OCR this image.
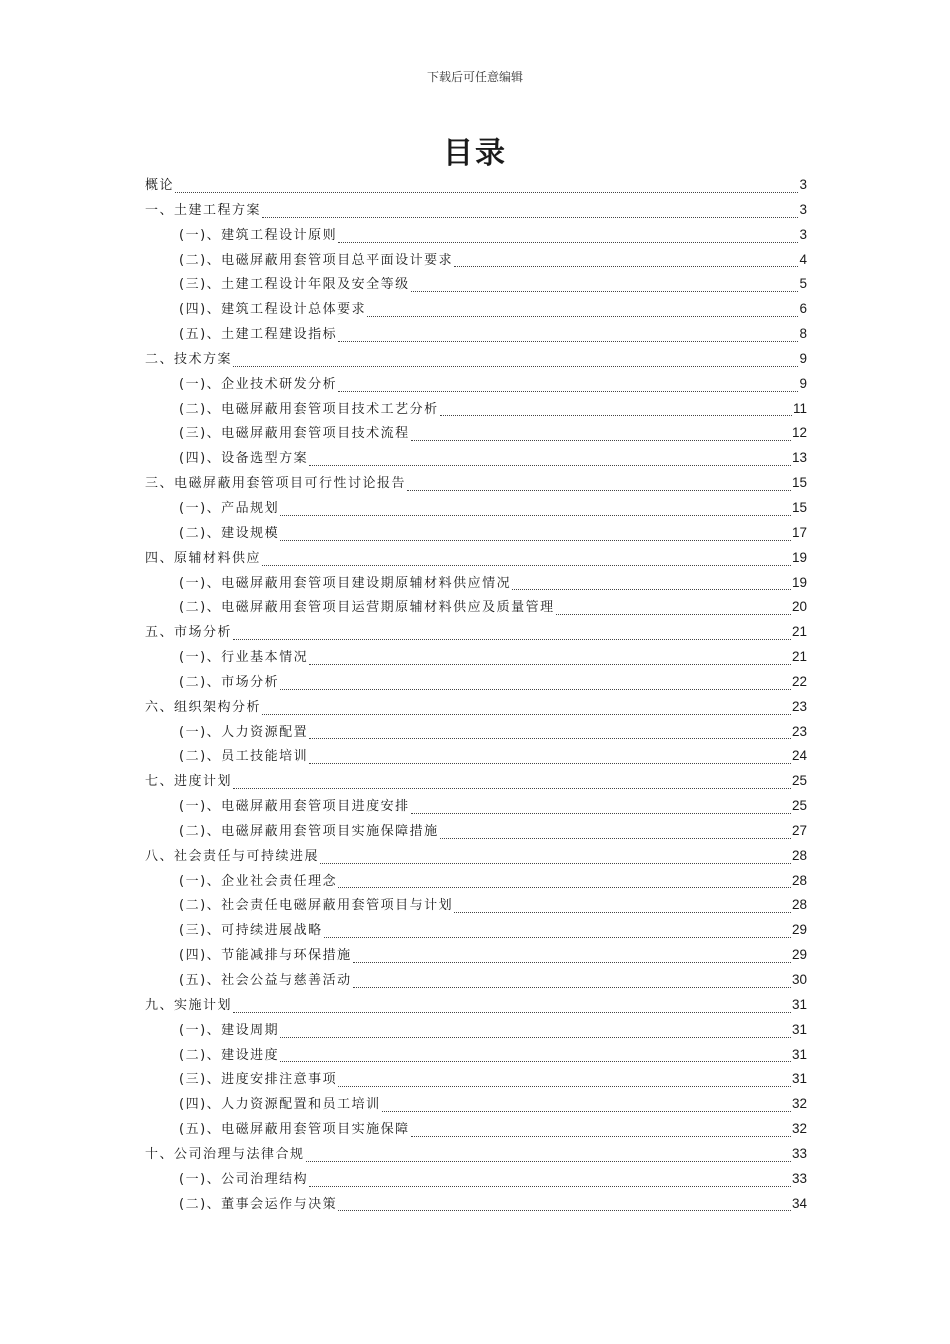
下载后可任意编辑
目录
概论	3
一、土建工程方案	3
(一)、建筑工程设计原则	3
(二)、电磁屏蔽用套管项目总平面设计要求	4
(三)、土建工程设计年限及安全等级	5
(四)、建筑工程设计总体要求	6
(五)、土建工程建设指标	8
二、技术方案	9
(一)、企业技术研发分析	9
(二)、电磁屏蔽用套管项目技术工艺分析	11
(三)、电磁屏蔽用套管项目技术流程	12
(四)、设备选型方案	13
三、电磁屏蔽用套管项目可行性讨论报告	15
(一)、产品规划	15
(二)、建设规模	17
四、原辅材料供应	19
(一)、电磁屏蔽用套管项目建设期原辅材料供应情况	19
(二)、电磁屏蔽用套管项目运营期原辅材料供应及质量管理	20
五、市场分析	21
(一)、行业基本情况	21
(二)、市场分析	22
六、组织架构分析	23
(一)、人力资源配置	23
(二)、员工技能培训	24
七、进度计划	25
(一)、电磁屏蔽用套管项目进度安排	25
(二)、电磁屏蔽用套管项目实施保障措施	27
八、社会责任与可持续进展	28
(一)、企业社会责任理念	28
(二)、社会责任电磁屏蔽用套管项目与计划	28
(三)、可持续进展战略	29
(四)、节能减排与环保措施	29
(五)、社会公益与慈善活动	30
九、实施计划	31
(一)、建设周期	31
(二)、建设进度	31
(三)、进度安排注意事项	31
(四)、人力资源配置和员工培训	32
(五)、电磁屏蔽用套管项目实施保障	32
十、公司治理与法律合规	33
(一)、公司治理结构	33
(二)、董事会运作与决策	34
